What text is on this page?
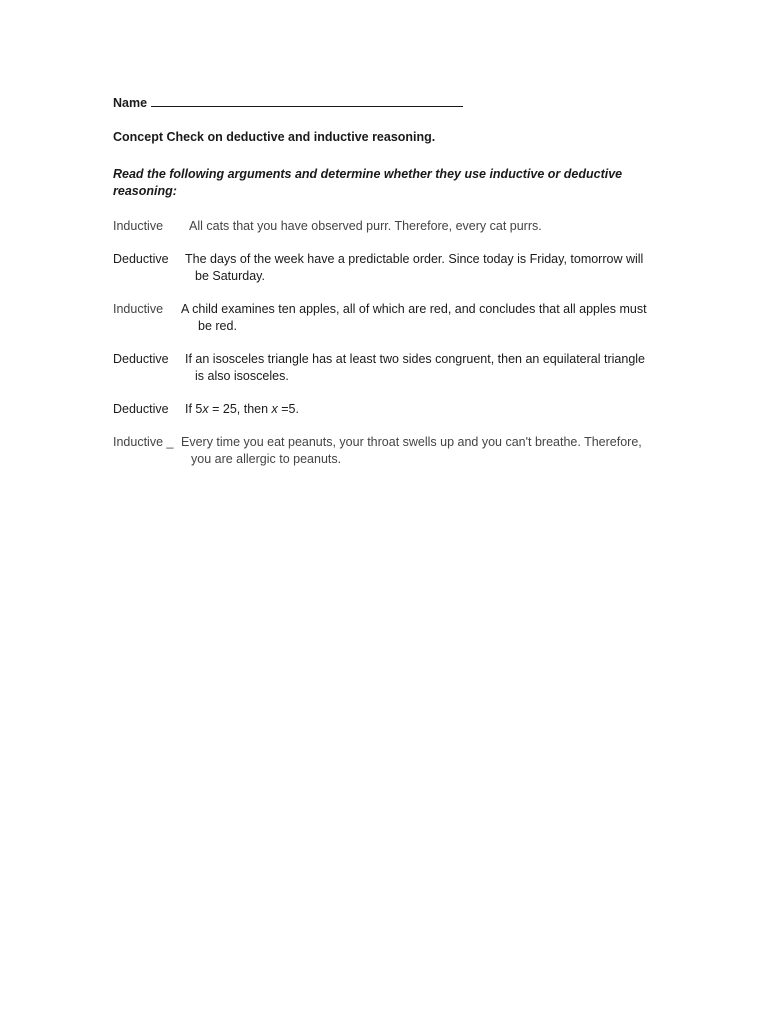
Name
Concept Check on deductive and inductive reasoning.
Read the following arguments and determine whether they use inductive or deductive reasoning:
Inductive All cats that you have observed purr. Therefore, every cat purrs.
Deductive The days of the week have a predictable order. Since today is Friday, tomorrow will
be Saturday.
Inductive A child examines ten apples, all of which are red, and concludes that all apples must
be red.
Deductive If an isosceles triangle has at least two sides congruent, then an equilateral triangle
is also isosceles.
Deductive If 5x = 25, then x =5.
Inductive _ Every time you eat peanuts, your throat swells up and you can't breathe. Therefore,
you are allergic to peanuts.
